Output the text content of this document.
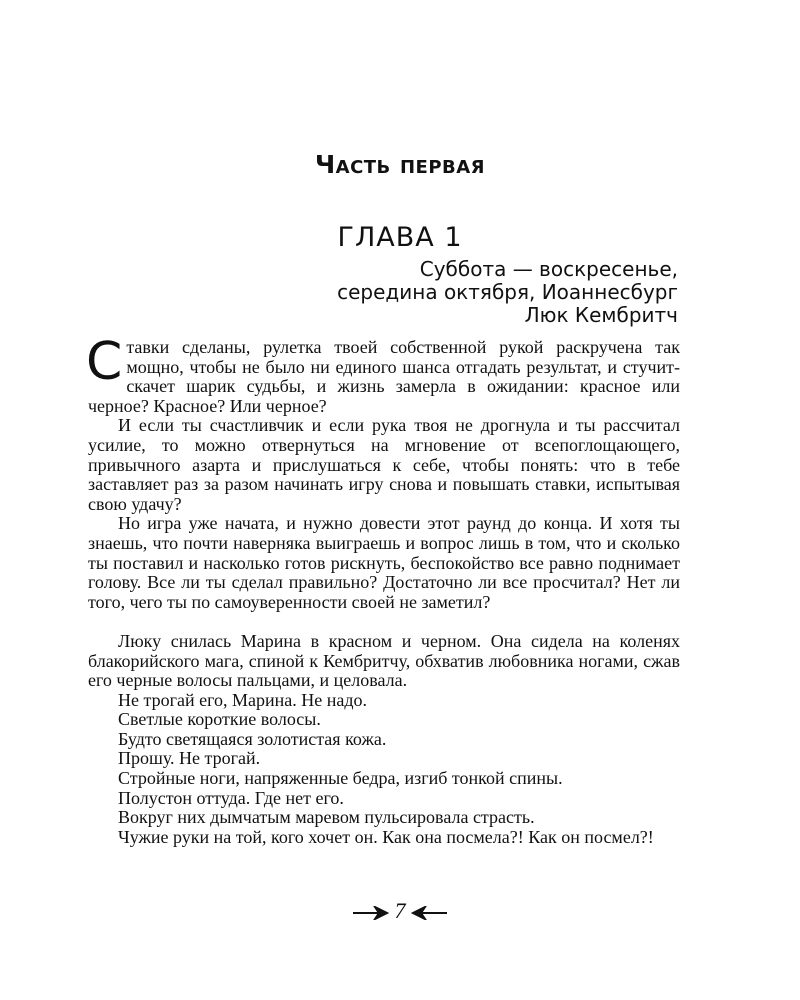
Часть первая
ГЛАВА 1
Суббота — воскресенье,
середина октября, Иоаннесбург
Люк Кембритч

Ставки сделаны, рулетка твоей собственной рукой раскручена так мощно, чтобы не было ни единого шанса отгадать результат, и стучит-скачет шарик судьбы, и жизнь замерла в ожидании: красное или черное? Красное? Или черное?

И если ты счастливчик и если рука твоя не дрогнула и ты рассчитал усилие, то можно отвернуться на мгновение от всепоглощающего, привычного азарта и прислушаться к себе, чтобы понять: что в тебе заставляет раз за разом начинать игру снова и повышать ставки, испытывая свою удачу?

Но игра уже начата, и нужно довести этот раунд до конца. И хотя ты знаешь, что почти наверняка выиграешь и вопрос лишь в том, что и сколько ты поставил и насколько готов рискнуть, беспокойство все равно поднимает голову. Все ли ты сделал правильно? Достаточно ли все просчитал? Нет ли того, чего ты по самоуверенности своей не заметил?

Люку снилась Марина в красном и черном. Она сидела на коленях блакорийского мага, спиной к Кембритчу, обхватив любовника ногами, сжав его черные волосы пальцами, и целовала.

Не трогай его, Марина. Не надо.

Светлые короткие волосы.

Будто светящаяся золотистая кожа.

Прошу. Не трогай.

Стройные ноги, напряженные бедра, изгиб тонкой спины.

Полустон оттуда. Где нет его.

Вокруг них дымчатым маревом пульсировала страсть.

Чужие руки на той, кого хочет он. Как она посмела?! Как он посмел?!

7
